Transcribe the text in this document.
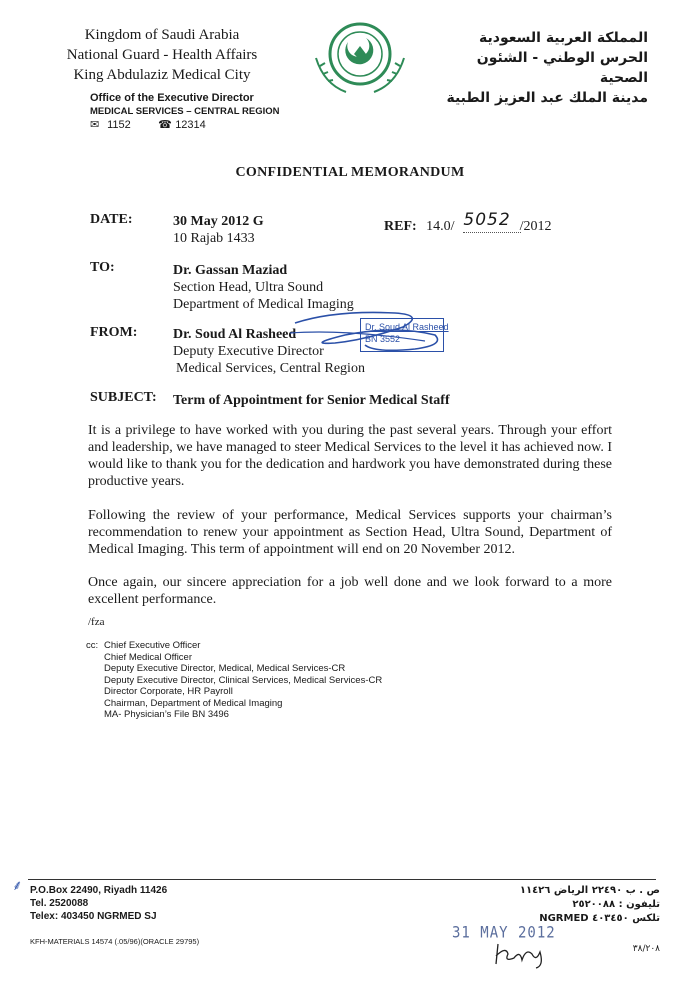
Kingdom of Saudi Arabia
National Guard - Health Affairs
King Abdulaziz Medical City
المملكة العربية السعودية
الحرس الوطني - الشئون الصحية
مدينة الملك عبد العزيز الطبية
Office of the Executive Director
MEDICAL SERVICES – CENTRAL REGION
✉ 1152 ☎ 12314
CONFIDENTIAL MEMORANDUM
DATE:	30 May 2012 G
10 Rajab 1433
REF: 14.0/ 5052 /2012
TO:	Dr. Gassan Maziad
Section Head, Ultra Sound
Department of Medical Imaging
FROM:	Dr. Soud Al Rasheed
Deputy Executive Director
Medical Services, Central Region
Dr. Soud Al Rasheed
BN 3552
SUBJECT: Term of Appointment for Senior Medical Staff
It is a privilege to have worked with you during the past several years. Through your effort and leadership, we have managed to steer Medical Services to the level it has achieved now. I would like to thank you for the dedication and hardwork you have demonstrated during these productive years.
Following the review of your performance, Medical Services supports your chairman’s recommendation to renew your appointment as Section Head, Ultra Sound, Department of Medical Imaging. This term of appointment will end on 20 November 2012.
Once again, our sincere appreciation for a job well done and we look forward to a more excellent performance.
/fza
cc: Chief Executive Officer
Chief Medical Officer
Deputy Executive Director, Medical, Medical Services-CR
Deputy Executive Director, Clinical Services, Medical Services-CR
Director Corporate, HR Payroll
Chairman, Department of Medical Imaging
MA- Physician’s File BN 3496
⸙ P.O.Box 22490, Riyadh 11426
Tel. 2520088
Telex: 403450 NGRMED SJ
KFH-MATERIALS 14574 (.05/96)(ORACLE 29795)
ص . ب ٢٢٤٩٠ الرياض ١١٤٢٦
تليفون : ٢٥٢٠٠٨٨
تلكس ٤٠٣٤٥٠ NGRMED
٣٨/٢٠٨
31 MAY 2012
